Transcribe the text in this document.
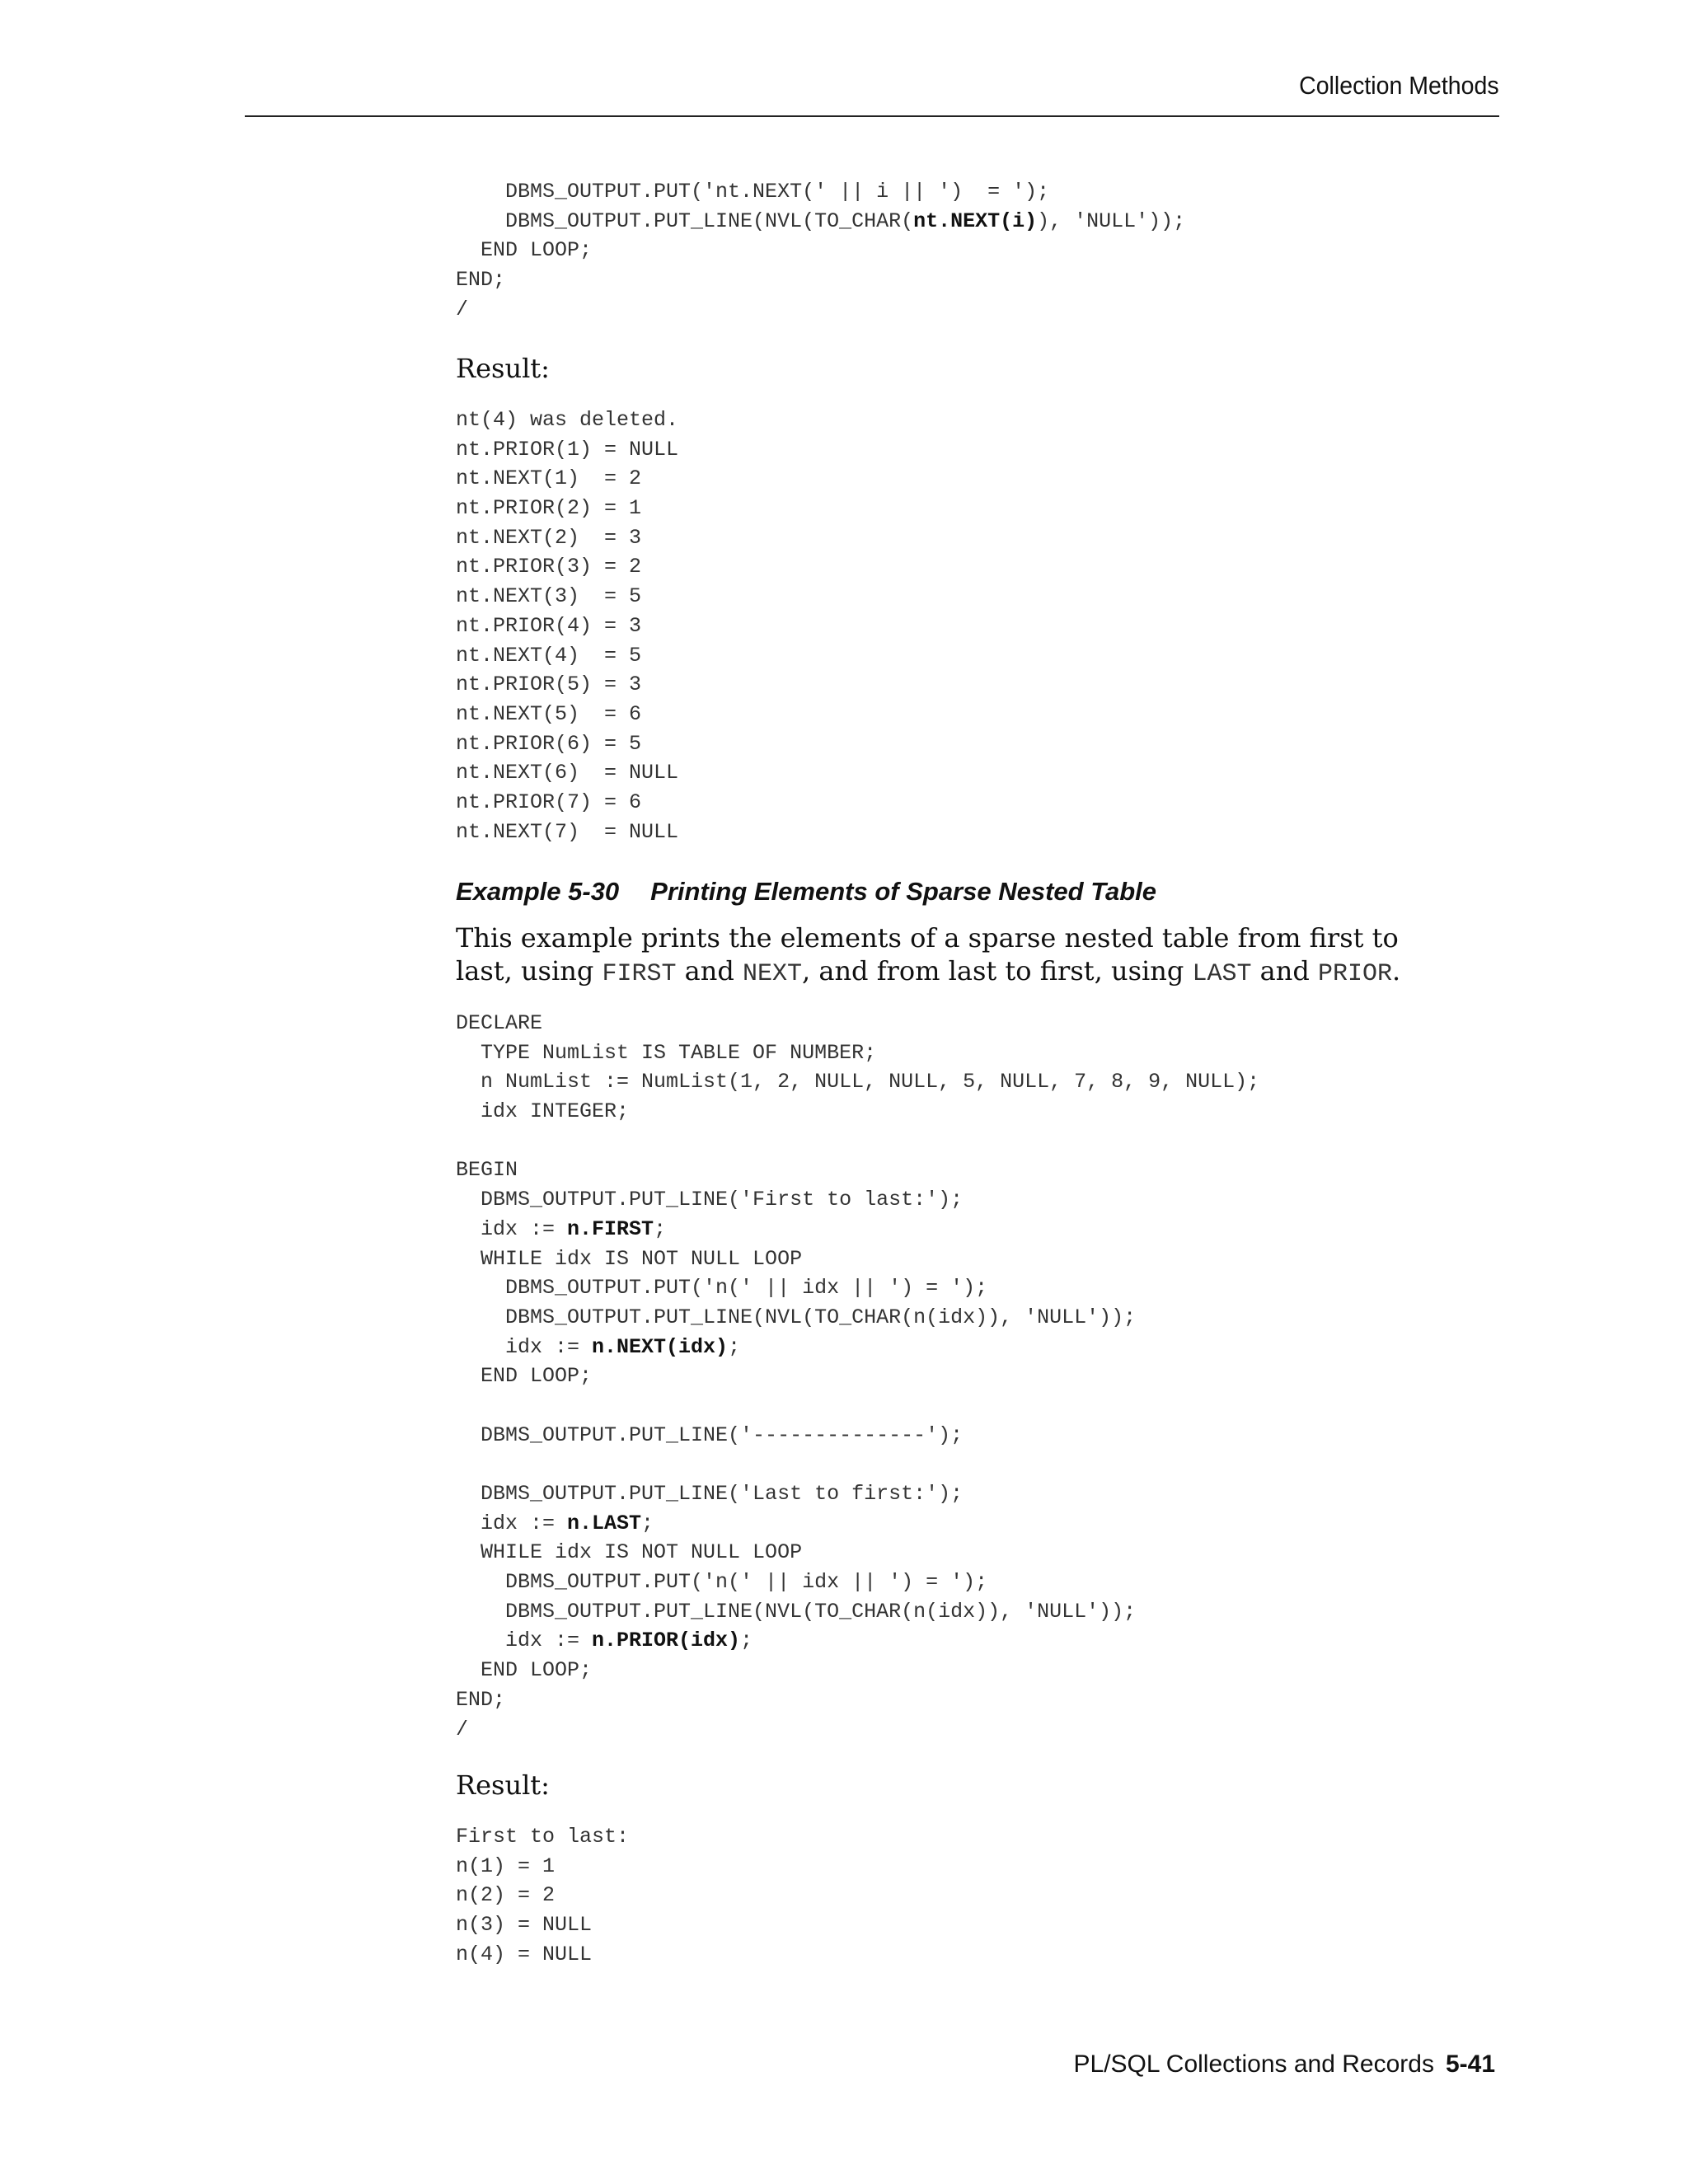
Collection Methods
DBMS_OUTPUT.PUT('nt.NEXT(' || i || ')  = ');
DBMS_OUTPUT.PUT_LINE(NVL(TO_CHAR(nt.NEXT(i)), 'NULL'));
END LOOP;
END;
/
Result:
nt(4) was deleted.
nt.PRIOR(1) = NULL
nt.NEXT(1)  = 2
nt.PRIOR(2) = 1
nt.NEXT(2)  = 3
nt.PRIOR(3) = 2
nt.NEXT(3)  = 5
nt.PRIOR(4) = 3
nt.NEXT(4)  = 5
nt.PRIOR(5) = 3
nt.NEXT(5)  = 6
nt.PRIOR(6) = 5
nt.NEXT(6)  = NULL
nt.PRIOR(7) = 6
nt.NEXT(7)  = NULL
Example 5-30 Printing Elements of Sparse Nested Table
This example prints the elements of a sparse nested table from first to last, using FIRST and NEXT, and from last to first, using LAST and PRIOR.
DECLARE
TYPE NumList IS TABLE OF NUMBER;
n NumList := NumList(1, 2, NULL, NULL, 5, NULL, 7, 8, 9, NULL);
idx INTEGER;
BEGIN
DBMS_OUTPUT.PUT_LINE('First to last:');
idx := n.FIRST;
WHILE idx IS NOT NULL LOOP
DBMS_OUTPUT.PUT('n(' || idx || ') = ');
DBMS_OUTPUT.PUT_LINE(NVL(TO_CHAR(n(idx)), 'NULL'));
idx := n.NEXT(idx);
END LOOP;
DBMS_OUTPUT.PUT_LINE('--------------');
DBMS_OUTPUT.PUT_LINE('Last to first:');
idx := n.LAST;
WHILE idx IS NOT NULL LOOP
DBMS_OUTPUT.PUT('n(' || idx || ') = ');
DBMS_OUTPUT.PUT_LINE(NVL(TO_CHAR(n(idx)), 'NULL'));
idx := n.PRIOR(idx);
END LOOP;
END;
/
Result:
First to last:
n(1) = 1
n(2) = 2
n(3) = NULL
n(4) = NULL
PL/SQL Collections and Records 5-41
